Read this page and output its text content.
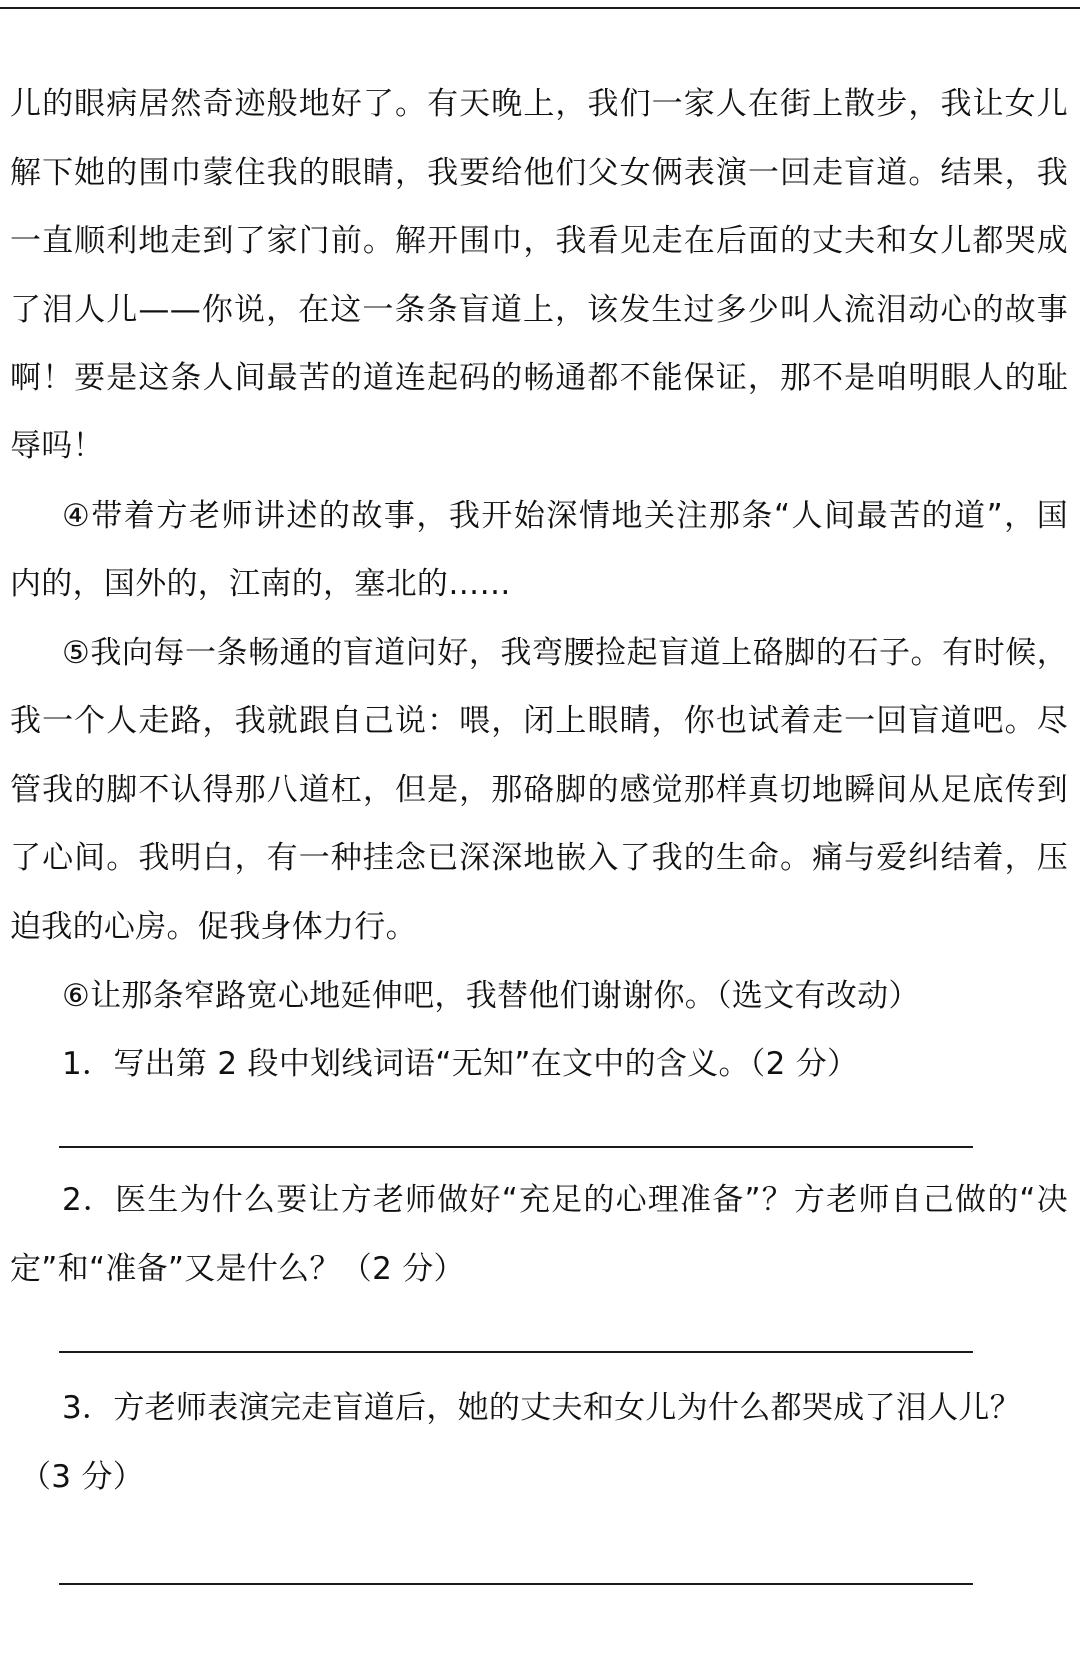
儿的眼病居然奇迹般地好了。有天晚上，我们一家人在街上散步，我让女儿
解下她的围巾蒙住我的眼睛，我要给他们父女俩表演一回走盲道。结果，我
一直顺利地走到了家门前。解开围巾，我看见走在后面的丈夫和女儿都哭成
了泪人儿——你说，在这一条条盲道上，该发生过多少叫人流泪动心的故事
啊！要是这条人间最苦的道连起码的畅通都不能保证，那不是咱明眼人的耻
辱吗！
④带着方老师讲述的故事，我开始深情地关注那条“人间最苦的道”，国
内的，国外的，江南的，塞北的……
⑤我向每一条畅通的盲道问好，我弯腰捡起盲道上硌脚的石子。有时候，
我一个人走路，我就跟自己说：喂，闭上眼睛，你也试着走一回盲道吧。尽
管我的脚不认得那八道杠，但是，那硌脚的感觉那样真切地瞬间从足底传到
了心间。我明白，有一种挂念已深深地嵌入了我的生命。痛与爱纠结着，压
迫我的心房。促我身体力行。
⑥让那条窄路宽心地延伸吧，我替他们谢谢你。（选文有改动）
1．写出第 2 段中划线词语“无知”在文中的含义。（2 分）
2．医生为什么要让方老师做好“充足的心理准备”？方老师自己做的“决
定”和“准备”又是什么？（2 分）
3．方老师表演完走盲道后，她的丈夫和女儿为什么都哭成了泪人儿？
（3 分）
